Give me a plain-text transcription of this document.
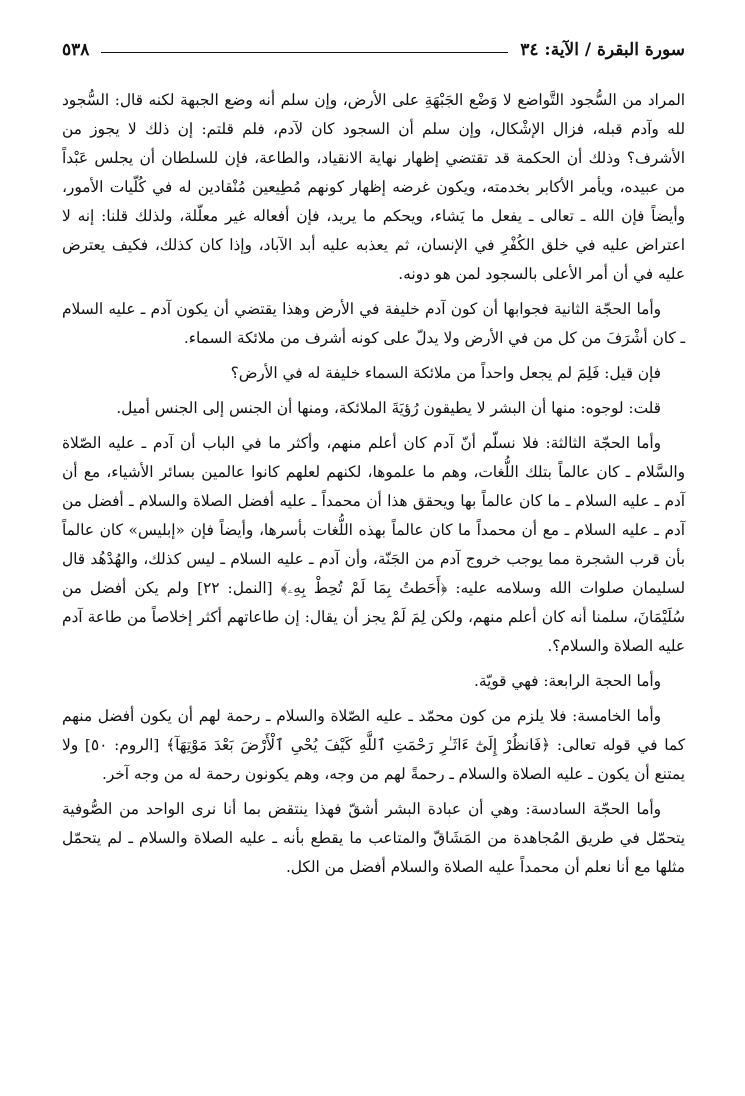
سورة البقرة / الآية: ٣٤
٥٣٨

المراد من السُّجود التَّواضع لا وَضْع الجَبْهَةِ على الأرض، وإن سلم أنه وضع الجبهة لكنه قال: السُّجود لله وآدم قبله، فزال الإشْكال، وإن سلم أن السجود كان لآدم، فلم قلتم: إن ذلك لا يجوز من الأشرف؟ وذلك أن الحكمة قد تقتضي إظهار نهاية الانقياد، والطاعة، فإن للسلطان أن يجلس عَبْداً من عبيده، ويأمر الأكابر بخدمته، ويكون غرضه إظهار كونهم مُطِيعين مُنْقادين له في كُلّيات الأمور، وأيضاً فإن الله ـ تعالى ـ يفعل ما يَشاء، ويحكم ما يريد، فإن أفعاله غير معلّلة، ولذلك قلنا: إنه لا اعتراض عليه في خلق الكُفْرِ في الإنسان، ثم يعذبه عليه أبد الآباد، وإذا كان كذلك، فكيف يعترض عليه في أن أمر الأعلى بالسجود لمن هو دونه.

وأما الحجّة الثانية فجوابها أن كون آدم خليفة في الأرض وهذا يقتضي أن يكون آدم ـ عليه السلام ـ كان أشْرَفَ من كل من في الأرض ولا يدلّ على كونه أشرف من ملائكة السماء.

فإن قيل: فَلِمَ لم يجعل واحداً من ملائكة السماء خليفة له في الأرض؟

قلت: لوجوه: منها أن البشر لا يطيقون رُؤيَةَ الملائكة، ومنها أن الجنس إلى الجنس أميل.

وأما الحجّة الثالثة: فلا نسلّم أنّ آدم كان أعلم منهم، وأكثر ما في الباب أن آدم ـ عليه الصّلاة والسَّلام ـ كان عالماً بتلك اللُّغات، وهم ما علموها، لكنهم لعلهم كانوا عالمين بسائر الأشياء، مع أن آدم ـ عليه السلام ـ ما كان عالماً بها ويحقق هذا أن محمداً ـ عليه أفضل الصلاة والسلام ـ أفضل من آدم ـ عليه السلام ـ مع أن محمداً ما كان عالماً بهذه اللُّغات بأسرها، وأيضاً فإن «إبليس» كان عالماً بأن قرب الشجرة مما يوجب خروج آدم من الجَنّة، وأن آدم ـ عليه السلام ـ ليس كذلك، والهُدْهُد قال لسليمان صلوات الله وسلامه عليه: ﴿أَحَطتُ بِمَا لَمْ تُحِطْ بِهِۦ﴾ [النمل: ٢٢] ولم يكن أفضل من سُلَيْمَانَ، سلمنا أنه كان أعلم منهم، ولكن لِمَ لَمْ يجز أن يقال: إن طاعاتهم أكثر إخلاصاً من طاعة آدم عليه الصلاة والسلام؟.

وأما الحجة الرابعة: فهي قويّة.

وأما الخامسة: فلا يلزم من كون محمّد ـ عليه الصّلاة والسلام ـ رحمة لهم أن يكون أفضل منهم كما في قوله تعالى: ﴿فَانظُرْ إِلَىٰٓ ءَاثَـٰرِ رَحْمَتِ ٱللَّهِ كَيْفَ يُحْىِ ٱلْأَرْضَ بَعْدَ مَوْتِهَآ﴾ [الروم: ٥٠] ولا يمتنع أن يكون ـ عليه الصلاة والسلام ـ رحمةً لهم من وجه، وهم يكونون رحمة له من وجه آخر.

وأما الحجّة السادسة: وهي أن عبادة البشر أشقّ فهذا ينتقض بما أنا نرى الواحد من الصُّوفية يتحمّل في طريق المُجاهدة من المَشَاقّ والمتاعب ما يقطع بأنه ـ عليه الصلاة والسلام ـ لم يتحمّل مثلها مع أنا نعلم أن محمداً عليه الصلاة والسلام أفضل من الكل.
